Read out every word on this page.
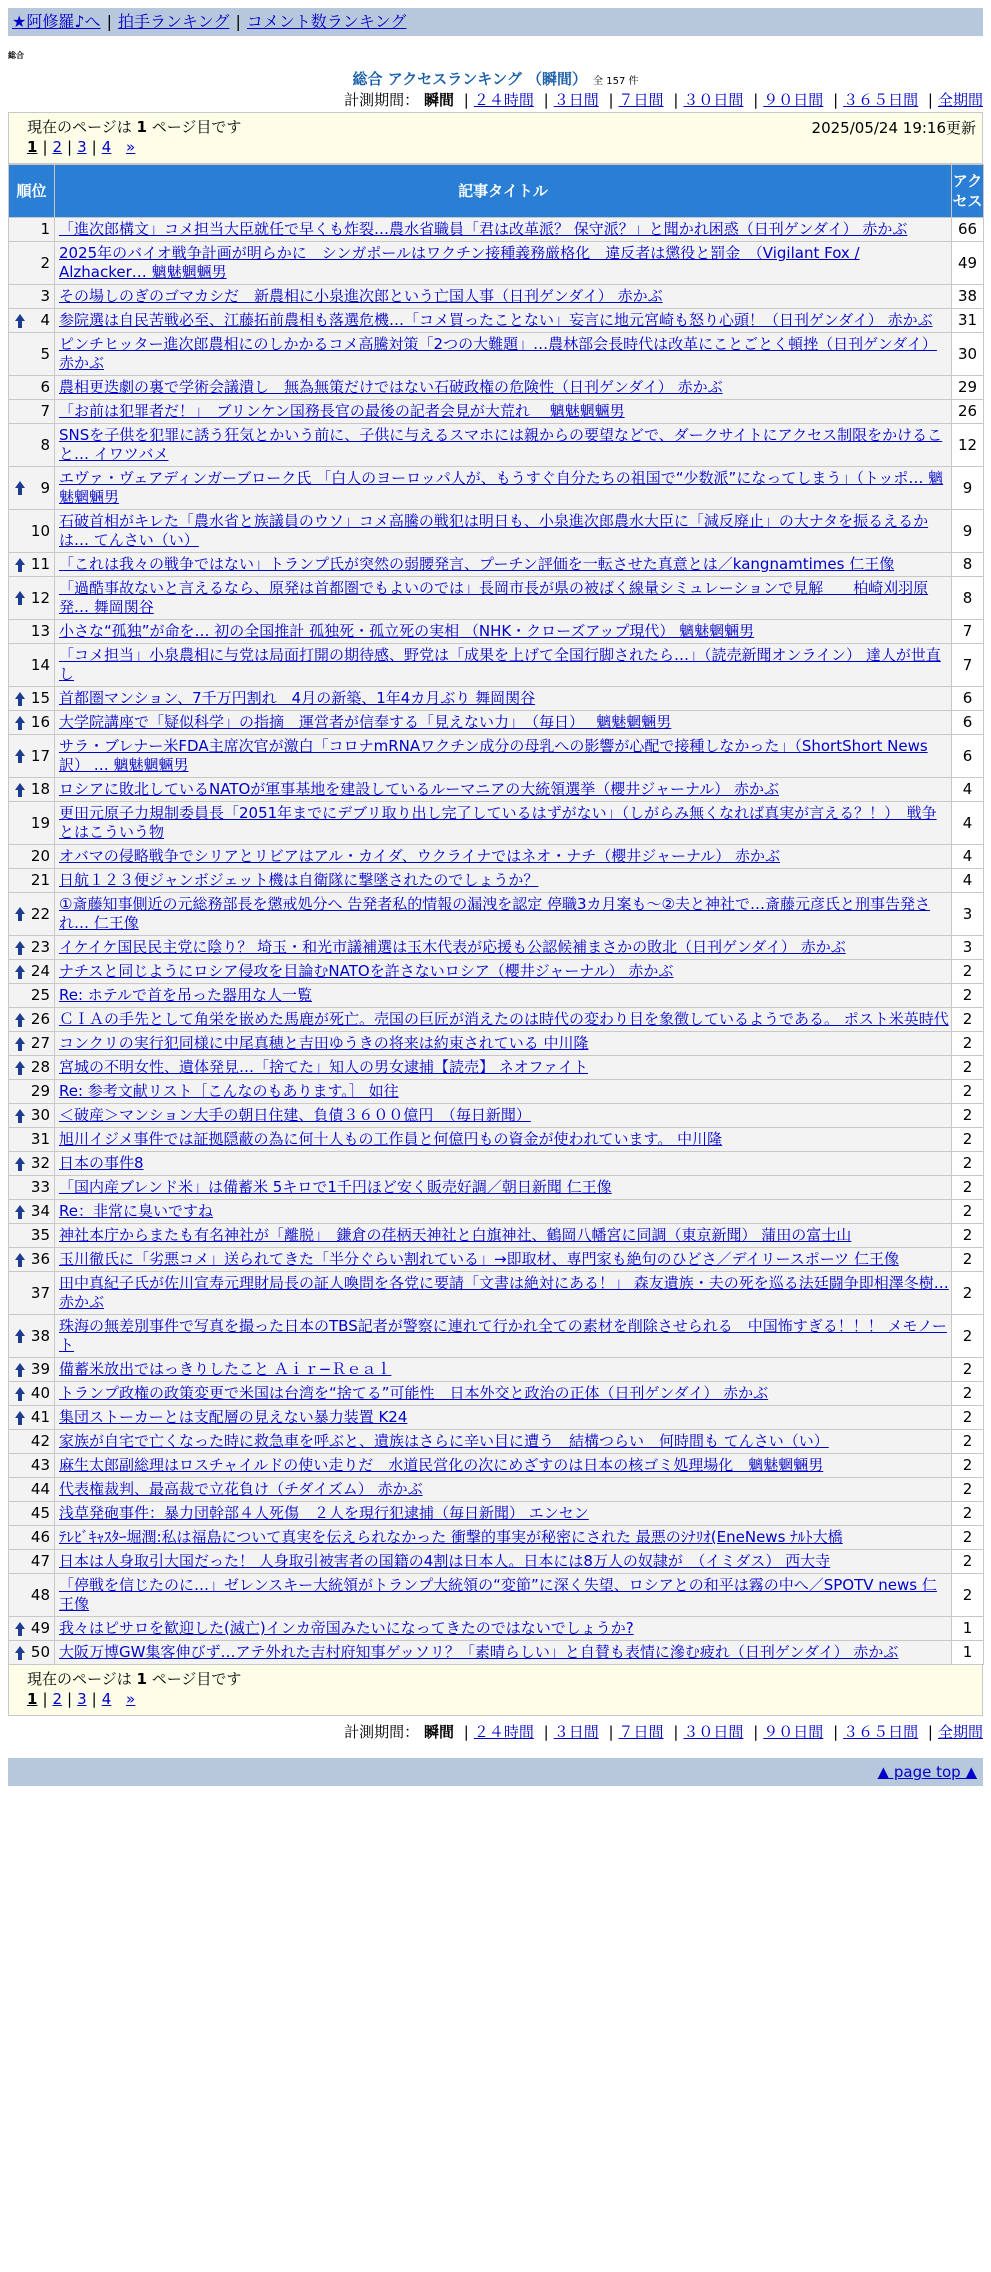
★阿修羅♪へ | 拍手ランキング | コメント数ランキング
総合
総合 アクセスランキング （瞬間） 全 157 件
計測期間： 瞬間 | ２４時間 | ３日間 | ７日間 | ３０日間 | ９０日間 | ３６５日間 | 全期間
現在のページは 1 ページ目です	2025/05/24 19:16更新
1 | 2 | 3 | 4 »
順位	記事タイトル	アクセス
1	「進次郎構文」コメ担当大臣就任で早くも炸裂…農水省職員「君は改革派？ 保守派？」と聞かれ困惑（日刊ゲンダイ） 赤かぶ	66
2	2025年のバイオ戦争計画が明らかに　シンガポールはワクチン接種義務厳格化　違反者は懲役と罰金　（Vigilant Fox / Alzhacker… 魑魅魍魎男	49
3	その場しのぎのゴマカシだ　新農相に小泉進次郎という亡国人事（日刊ゲンダイ） 赤かぶ	38

4	参院選は自民苦戦必至、江藤拓前農相も落選危機…「コメ買ったことない」妄言に地元宮崎も怒り心頭！（日刊ゲンダイ） 赤かぶ	31
5	ピンチヒッター進次郎農相にのしかかるコメ高騰対策「2つの大難題」…農林部会長時代は改革にことごとく頓挫（日刊ゲンダイ） 赤かぶ	30
6	農相更迭劇の裏で学術会議潰し　無為無策だけではない石破政権の危険性（日刊ゲンダイ） 赤かぶ	29
7	「お前は犯罪者だ！」　ブリンケン国務長官の最後の記者会見が大荒れ　 魑魅魍魎男	26
8	SNSを子供を犯罪に誘う狂気とかいう前に、子供に与えるスマホには親からの要望などで、ダークサイトにアクセス制限をかけること… イワツバメ	12

9	エヴァ・ヴェアディンガーブローク氏 「白人のヨーロッパ人が、もうすぐ自分たちの祖国で“少数派”になってしまう」（トッポ… 魑魅魍魎男	9
10	石破首相がキレた「農水省と族議員のウソ」コメ高騰の戦犯は明日も、小泉進次郎農水大臣に「減反廃止」の大ナタを振るえるかは… てんさい（い）	9

11	「これは我々の戦争ではない」トランプ氏が突然の弱腰発言、プーチン評価を一転させた真意とは／kangnamtimes 仁王像	8

12	「過酷事故ないと言えるなら、原発は首都圏でもよいのでは」長岡市長が県の被ばく線量シミュレーションで見解　　柏崎刈羽原発… 舞岡関谷	8
13	小さな“孤独”が命を… 初の全国推計 孤独死・孤立死の実相 （NHK・クローズアップ現代） 魑魅魍魎男	7
14	「コメ担当」小泉農相に与党は局面打開の期待感、野党は「成果を上げて全国行脚されたら…」（読売新聞オンライン） 達人が世直し	7

15	首都圏マンション、7千万円割れ　4月の新築、1年4カ月ぶり 舞岡関谷	6

16	大学院講座で「疑似科学」の指摘　運営者が信奉する「見えない力」　（毎日）　 魑魅魍魎男	6

17	サラ・ブレナー米FDA主席次官が激白「コロナmRNAワクチン成分の母乳への影響が心配で接種しなかった」（ShortShort News訳） … 魑魅魍魎男	6

18	ロシアに敗北しているNATOが軍事基地を建設しているルーマニアの大統領選挙（櫻井ジャーナル） 赤かぶ	4
19	更田元原子力規制委員長「2051年までにデブリ取り出し完了しているはずがない」（しがらみ無くなれば真実が言える？！）　戦争とはこういう物	4
20	オバマの侵略戦争でシリアとリビアはアル・カイダ、ウクライナではネオ・ナチ（櫻井ジャーナル） 赤かぶ	4
21	日航１２３便ジャンボジェット機は自衛隊に撃墜されたのでしょうか？	4

22	①斎藤知事側近の元総務部長を懲戒処分へ 告発者私的情報の漏洩を認定 停職3カ月案も～②夫と神社で…斎藤元彦氏と刑事告発され… 仁王像	3

23	イケイケ国民民主党に陰り？ 埼玉・和光市議補選は玉木代表が応援も公認候補まさかの敗北（日刊ゲンダイ） 赤かぶ	3

24	ナチスと同じようにロシア侵攻を目論むNATOを許さないロシア（櫻井ジャーナル） 赤かぶ	2
25	Re: ホテルで首を吊った器用な人一覧	2

26	ＣＩＡの手先として角栄を嵌めた馬鹿が死亡。売国の巨匠が消えたのは時代の変わり目を象徴しているようである。 ポスト米英時代	2

27	コンクリの実行犯同様に中尾真穂と吉田ゆうきの将来は約束されている 中川隆	2

28	宮城の不明女性、遺体発見…「捨てた」知人の男女逮捕【読売】 ネオファイト	2
29	Re: 参考文献リスト［こんなのもあります。］ 如往	2

30	＜破産＞マンション大手の朝日住建、負債３６００億円　（毎日新聞）	2
31	旭川イジメ事件では証拠隠蔽の為に何十人もの工作員と何億円もの資金が使われています。 中川隆	2

32	日本の事件8	2
33	「国内産ブレンド米」は備蓄米 5キロで1千円ほど安く販売好調／朝日新聞 仁王像	2

34	Re：非常に臭いですね	2
35	神社本庁からまたも有名神社が「離脱」　鎌倉の荏柄天神社と白旗神社、鶴岡八幡宮に同調（東京新聞） 蒲田の富士山	2

36	玉川徹氏に「劣悪コメ」送られてきた「半分ぐらい割れている」→即取材、専門家も絶句のひどさ／デイリースポーツ 仁王像	2
37	田中真紀子氏が佐川宣寿元理財局長の証人喚問を各党に要請「文書は絶対にある！」 森友遺族・夫の死を巡る法廷闘争即相澤冬樹… 赤かぶ	2

38	珠海の無差別事件で写真を撮った日本のTBS記者が警察に連れて行かれ全ての素材を削除させられる　中国怖すぎる！！！ メモノート	2

39	備蓄米放出ではっきりしたこと Ａｉｒ−Ｒｅａｌ	2

40	トランプ政権の政策変更で米国は台湾を“捨てる”可能性　日本外交と政治の正体（日刊ゲンダイ） 赤かぶ	2

41	集団ストーカーとは支配層の見えない暴力装置 K24	2
42	家族が自宅で亡くなった時に救急車を呼ぶと、遺族はさらに辛い目に遭う　結構つらい　何時間も てんさい（い）	2
43	麻生太郎副総理はロスチャイルドの使い走りだ　水道民営化の次にめざすのは日本の核ゴミ処理場化　魑魅魍魎男	2
44	代表権裁判、最高裁で立花負け（チダイズム） 赤かぶ	2
45	浅草発砲事件：暴力団幹部４人死傷　２人を現行犯逮捕（毎日新聞） エンセン	2
46	ﾃﾚﾋﾞｷｬｽﾀｰ堀潤:私は福島について真実を伝えられなかった 衝撃的事実が秘密にされた 最悪のｼﾅﾘｵ(EneNews ﾅﾙﾄ大橋	2
47	日本は人身取引大国だった！ 人身取引被害者の国籍の4割は日本人。日本には8万人の奴隷が　（イミダス） 西大寺	2
48	「停戦を信じたのに…」ゼレンスキー大統領がトランプ大統領の“変節”に深く失望、ロシアとの和平は霧の中へ／SPOTV news 仁王像	2

49	我々はピサロを歓迎した(滅亡)インカ帝国みたいになってきたのではないでしょうか?	1

50	大阪万博GW集客伸びず…アテ外れた吉村府知事ゲッソリ？「素晴らしい」と自賛も表情に滲む疲れ（日刊ゲンダイ） 赤かぶ	1
現在のページは 1 ページ目です
1 | 2 | 3 | 4 »
計測期間： 瞬間 | ２４時間 | ３日間 | ７日間 | ３０日間 | ９０日間 | ３６５日間 | 全期間
▲ page top ▲
